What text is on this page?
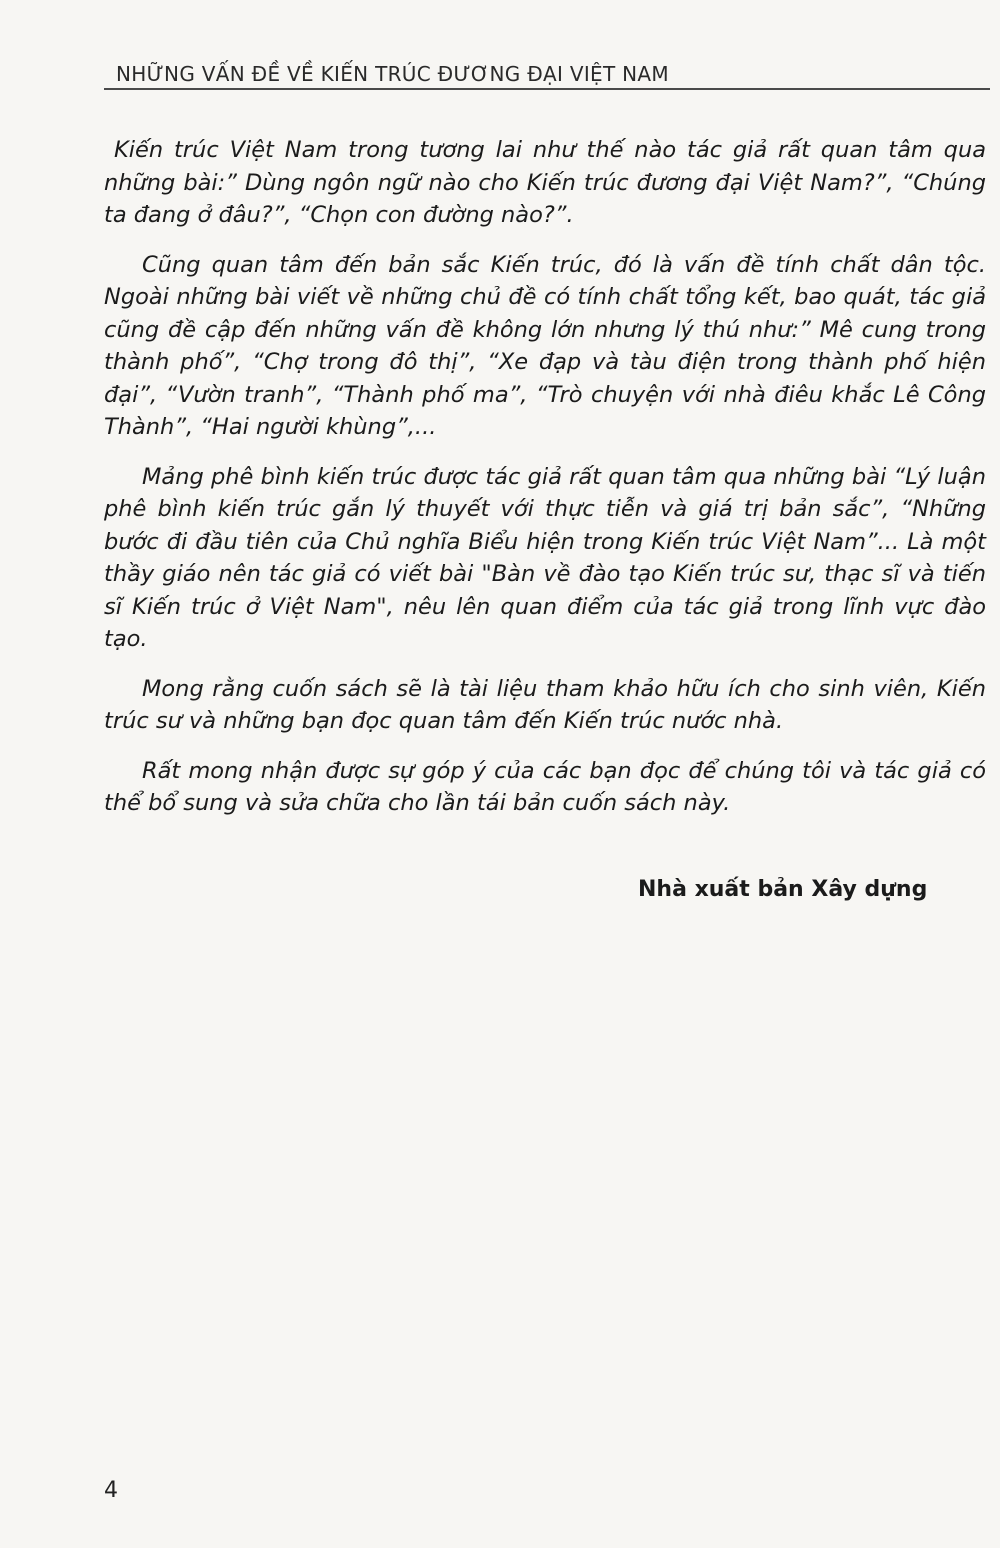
NHỮNG VẤN ĐỀ VỀ KIẾN TRÚC ĐƯƠNG ĐẠI VIỆT NAM

Kiến trúc Việt Nam trong tương lai như thế nào tác giả rất quan tâm qua những bài:” Dùng ngôn ngữ nào cho Kiến trúc đương đại Việt Nam?”, “Chúng ta đang ở đâu?”, “Chọn con đường nào?”.

Cũng quan tâm đến bản sắc Kiến trúc, đó là vấn đề tính chất dân tộc. Ngoài những bài viết về những chủ đề có tính chất tổng kết, bao quát, tác giả cũng đề cập đến những vấn đề không lớn nhưng lý thú như:” Mê cung trong thành phố”, “Chợ trong đô thị”, “Xe đạp và tàu điện trong thành phố hiện đại”, “Vườn tranh”, “Thành phố ma”, “Trò chuyện với nhà điêu khắc Lê Công Thành”, “Hai người khùng”,...

Mảng phê bình kiến trúc được tác giả rất quan tâm qua những bài “Lý luận phê bình kiến trúc gắn lý thuyết với thực tiễn và giá trị bản sắc”, “Những bước đi đầu tiên của Chủ nghĩa Biểu hiện trong Kiến trúc Việt Nam”... Là một thầy giáo nên tác giả có viết bài "Bàn về đào tạo Kiến trúc sư, thạc sĩ và tiến sĩ Kiến trúc ở Việt Nam", nêu lên quan điểm của tác giả trong lĩnh vực đào tạo.

Mong rằng cuốn sách sẽ là tài liệu tham khảo hữu ích cho sinh viên, Kiến trúc sư và những bạn đọc quan tâm đến Kiến trúc nước nhà.

Rất mong nhận được sự góp ý của các bạn đọc để chúng tôi và tác giả có thể bổ sung và sửa chữa cho lần tái bản cuốn sách này.

Nhà xuất bản Xây dựng
4
